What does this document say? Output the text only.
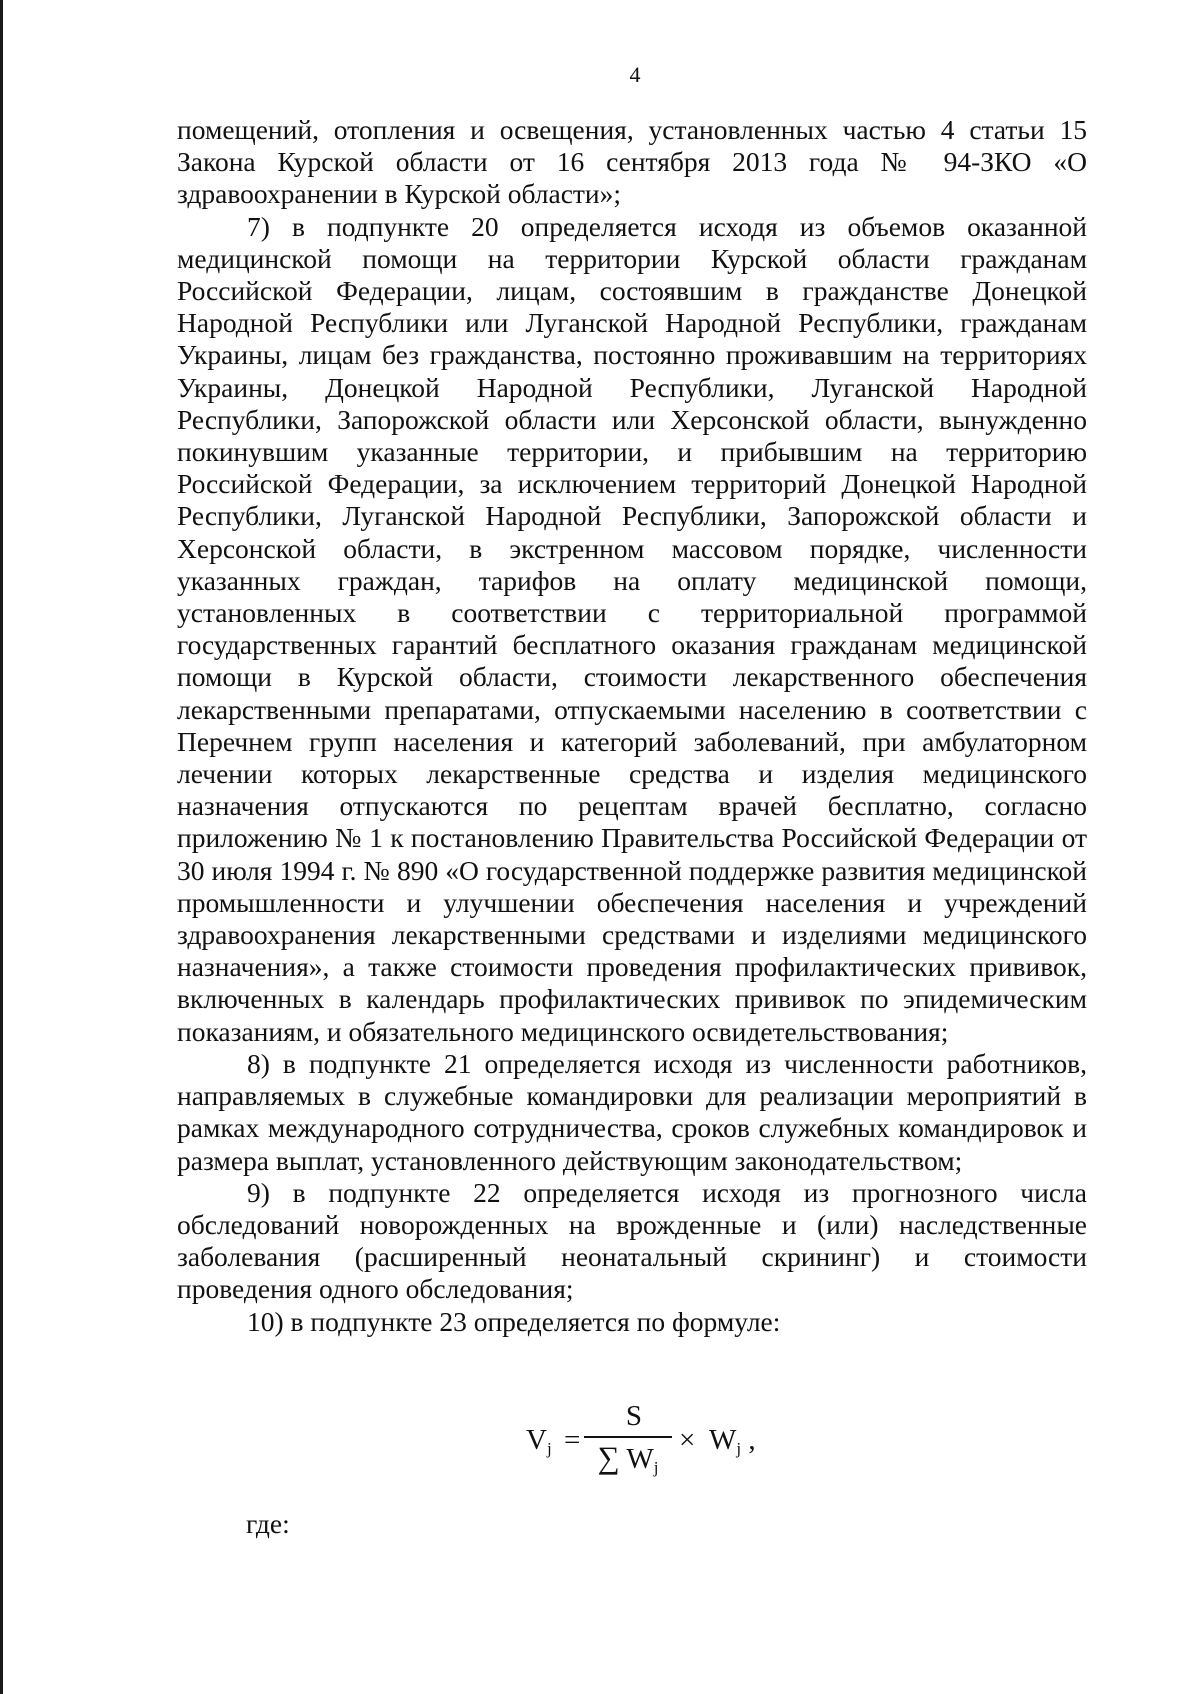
4

помещений, отопления и освещения, установленных частью 4 статьи 15 Закона Курской области от 16 сентября 2013 года № 94-ЗКО «О здравоохранении в Курской области»;

7) в подпункте 20 определяется исходя из объемов оказанной медицинской помощи на территории Курской области гражданам Российской Федерации, лицам, состоявшим в гражданстве Донецкой Народной Республики или Луганской Народной Республики, гражданам Украины, лицам без гражданства, постоянно проживавшим на территориях Украины, Донецкой Народной Республики, Луганской Народной Республики, Запорожской области или Херсонской области, вынужденно покинувшим указанные территории, и прибывшим на территорию Российской Федерации, за исключением территорий Донецкой Народной Республики, Луганской Народной Республики, Запорожской области и Херсонской области, в экстренном массовом порядке, численности указанных граждан, тарифов на оплату медицинской помощи, установленных в соответствии с территориальной программой государственных гарантий бесплатного оказания гражданам медицинской помощи в Курской области, стоимости лекарственного обеспечения лекарственными препаратами, отпускаемыми населению в соответствии с Перечнем групп населения и категорий заболеваний, при амбулаторном лечении которых лекарственные средства и изделия медицинского назначения отпускаются по рецептам врачей бесплатно, согласно приложению № 1 к постановлению Правительства Российской Федерации от 30 июля 1994 г. № 890 «О государственной поддержке развития медицинской промышленности и улучшении обеспечения населения и учреждений здравоохранения лекарственными средствами и изделиями медицинского назначения», а также стоимости проведения профилактических прививок, включенных в календарь профилактических прививок по эпидемическим показаниям, и обязательного медицинского освидетельствования;

8) в подпункте 21 определяется исходя из численности работников, направляемых в служебные командировки для реализации мероприятий в рамках международного сотрудничества, сроков служебных командировок и размера выплат, установленного действующим законодательством;

9) в подпункте 22 определяется исходя из прогнозного числа обследований новорожденных на врожденные и (или) наследственные заболевания (расширенный неонатальный скрининг) и стоимости проведения одного обследования;

10) в подпункте 23 определяется по формуле:

$V_j$ =
S
∑ $W_j$
× $W_j$ ,
где:
